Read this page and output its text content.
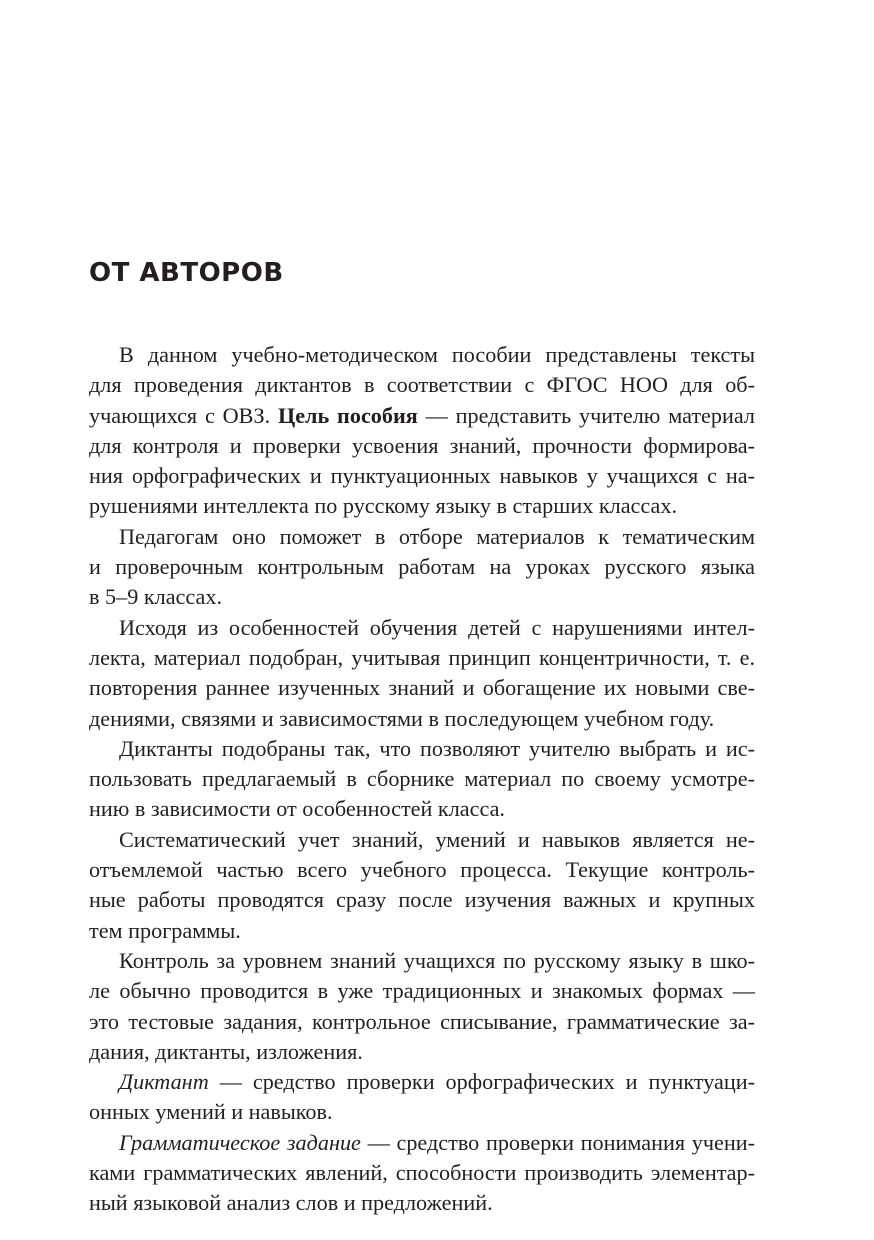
ОТ АВТОРОВ
В данном учебно-методическом пособии представлены тексты
для проведения диктантов в соответствии с ФГОС НОО для об-
учающихся с ОВЗ. Цель пособия — представить учителю материал
для контроля и проверки усвоения знаний, прочности формирова-
ния орфографических и пунктуационных навыков у учащихся с на-
рушениями интеллекта по русскому языку в старших классах.
Педагогам оно поможет в отборе материалов к тематическим
и проверочным контрольным работам на уроках русского языка
в 5–9 классах.
Исходя из особенностей обучения детей с нарушениями интел-
лекта, материал подобран, учитывая принцип концентричности, т. е.
повторения раннее изученных знаний и обогащение их новыми све-
дениями, связями и зависимостями в последующем учебном году.
Диктанты подобраны так, что позволяют учителю выбрать и ис-
пользовать предлагаемый в сборнике материал по своему усмотре-
нию в зависимости от особенностей класса.
Систематический учет знаний, умений и навыков является не-
отъемлемой частью всего учебного процесса. Текущие контроль-
ные работы проводятся сразу после изучения важных и крупных
тем программы.
Контроль за уровнем знаний учащихся по русскому языку в шко-
ле обычно проводится в уже традиционных и знакомых формах —
это тестовые задания, контрольное списывание, грамматические за-
дания, диктанты, изложения.
Диктант — средство проверки орфографических и пунктуаци-
онных умений и навыков.
Грамматическое задание — средство проверки понимания учени-
ками грамматических явлений, способности производить элементар-
ный языковой анализ слов и предложений.
